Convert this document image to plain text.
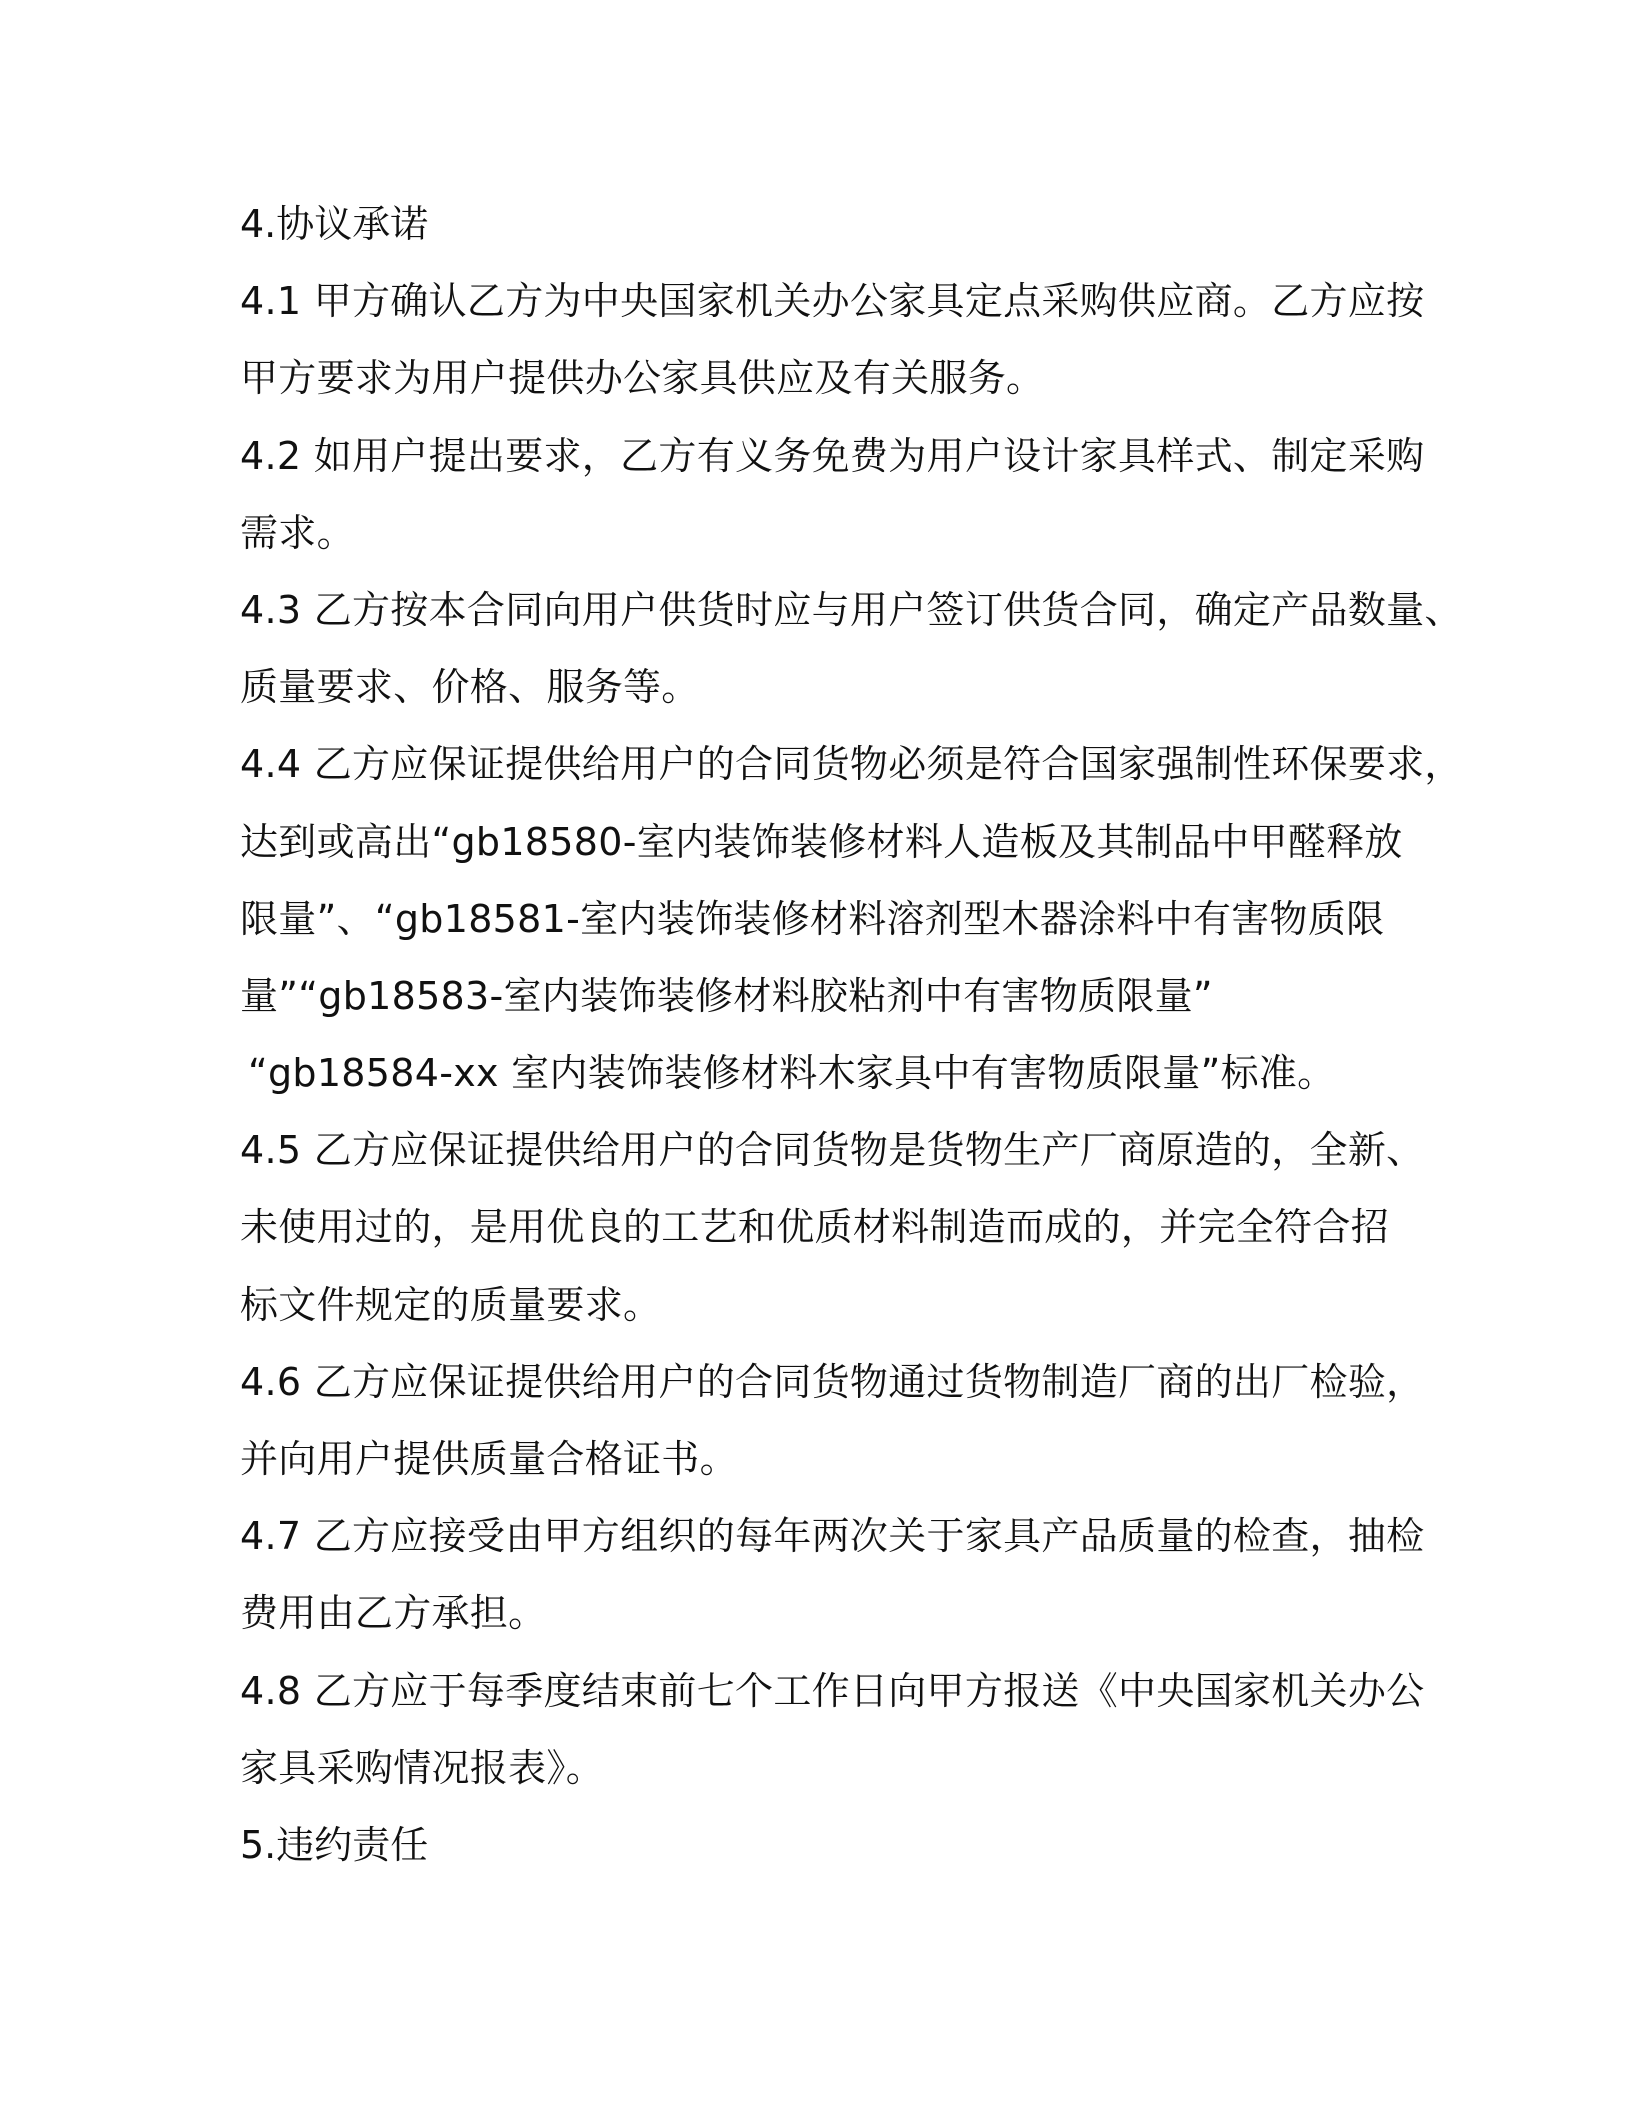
4.协议承诺
4.1 甲方确认乙方为中央国家机关办公家具定点采购供应商。乙方应按
甲方要求为用户提供办公家具供应及有关服务。
4.2 如用户提出要求，乙方有义务免费为用户设计家具样式、制定采购
需求。
4.3 乙方按本合同向用户供货时应与用户签订供货合同，确定产品数量、
质量要求、价格、服务等。
4.4 乙方应保证提供给用户的合同货物必须是符合国家强制性环保要求，
达到或高出“gb18580-室内装饰装修材料人造板及其制品中甲醛释放
限量”、“gb18581-室内装饰装修材料溶剂型木器涂料中有害物质限
量”“gb18583-室内装饰装修材料胶粘剂中有害物质限量”
“gb18584-xx 室内装饰装修材料木家具中有害物质限量”标准。
4.5 乙方应保证提供给用户的合同货物是货物生产厂商原造的，全新、
未使用过的，是用优良的工艺和优质材料制造而成的，并完全符合招
标文件规定的质量要求。
4.6 乙方应保证提供给用户的合同货物通过货物制造厂商的出厂检验，
并向用户提供质量合格证书。
4.7 乙方应接受由甲方组织的每年两次关于家具产品质量的检查，抽检
费用由乙方承担。
4.8 乙方应于每季度结束前七个工作日向甲方报送《中央国家机关办公
家具采购情况报表》。
5.违约责任
